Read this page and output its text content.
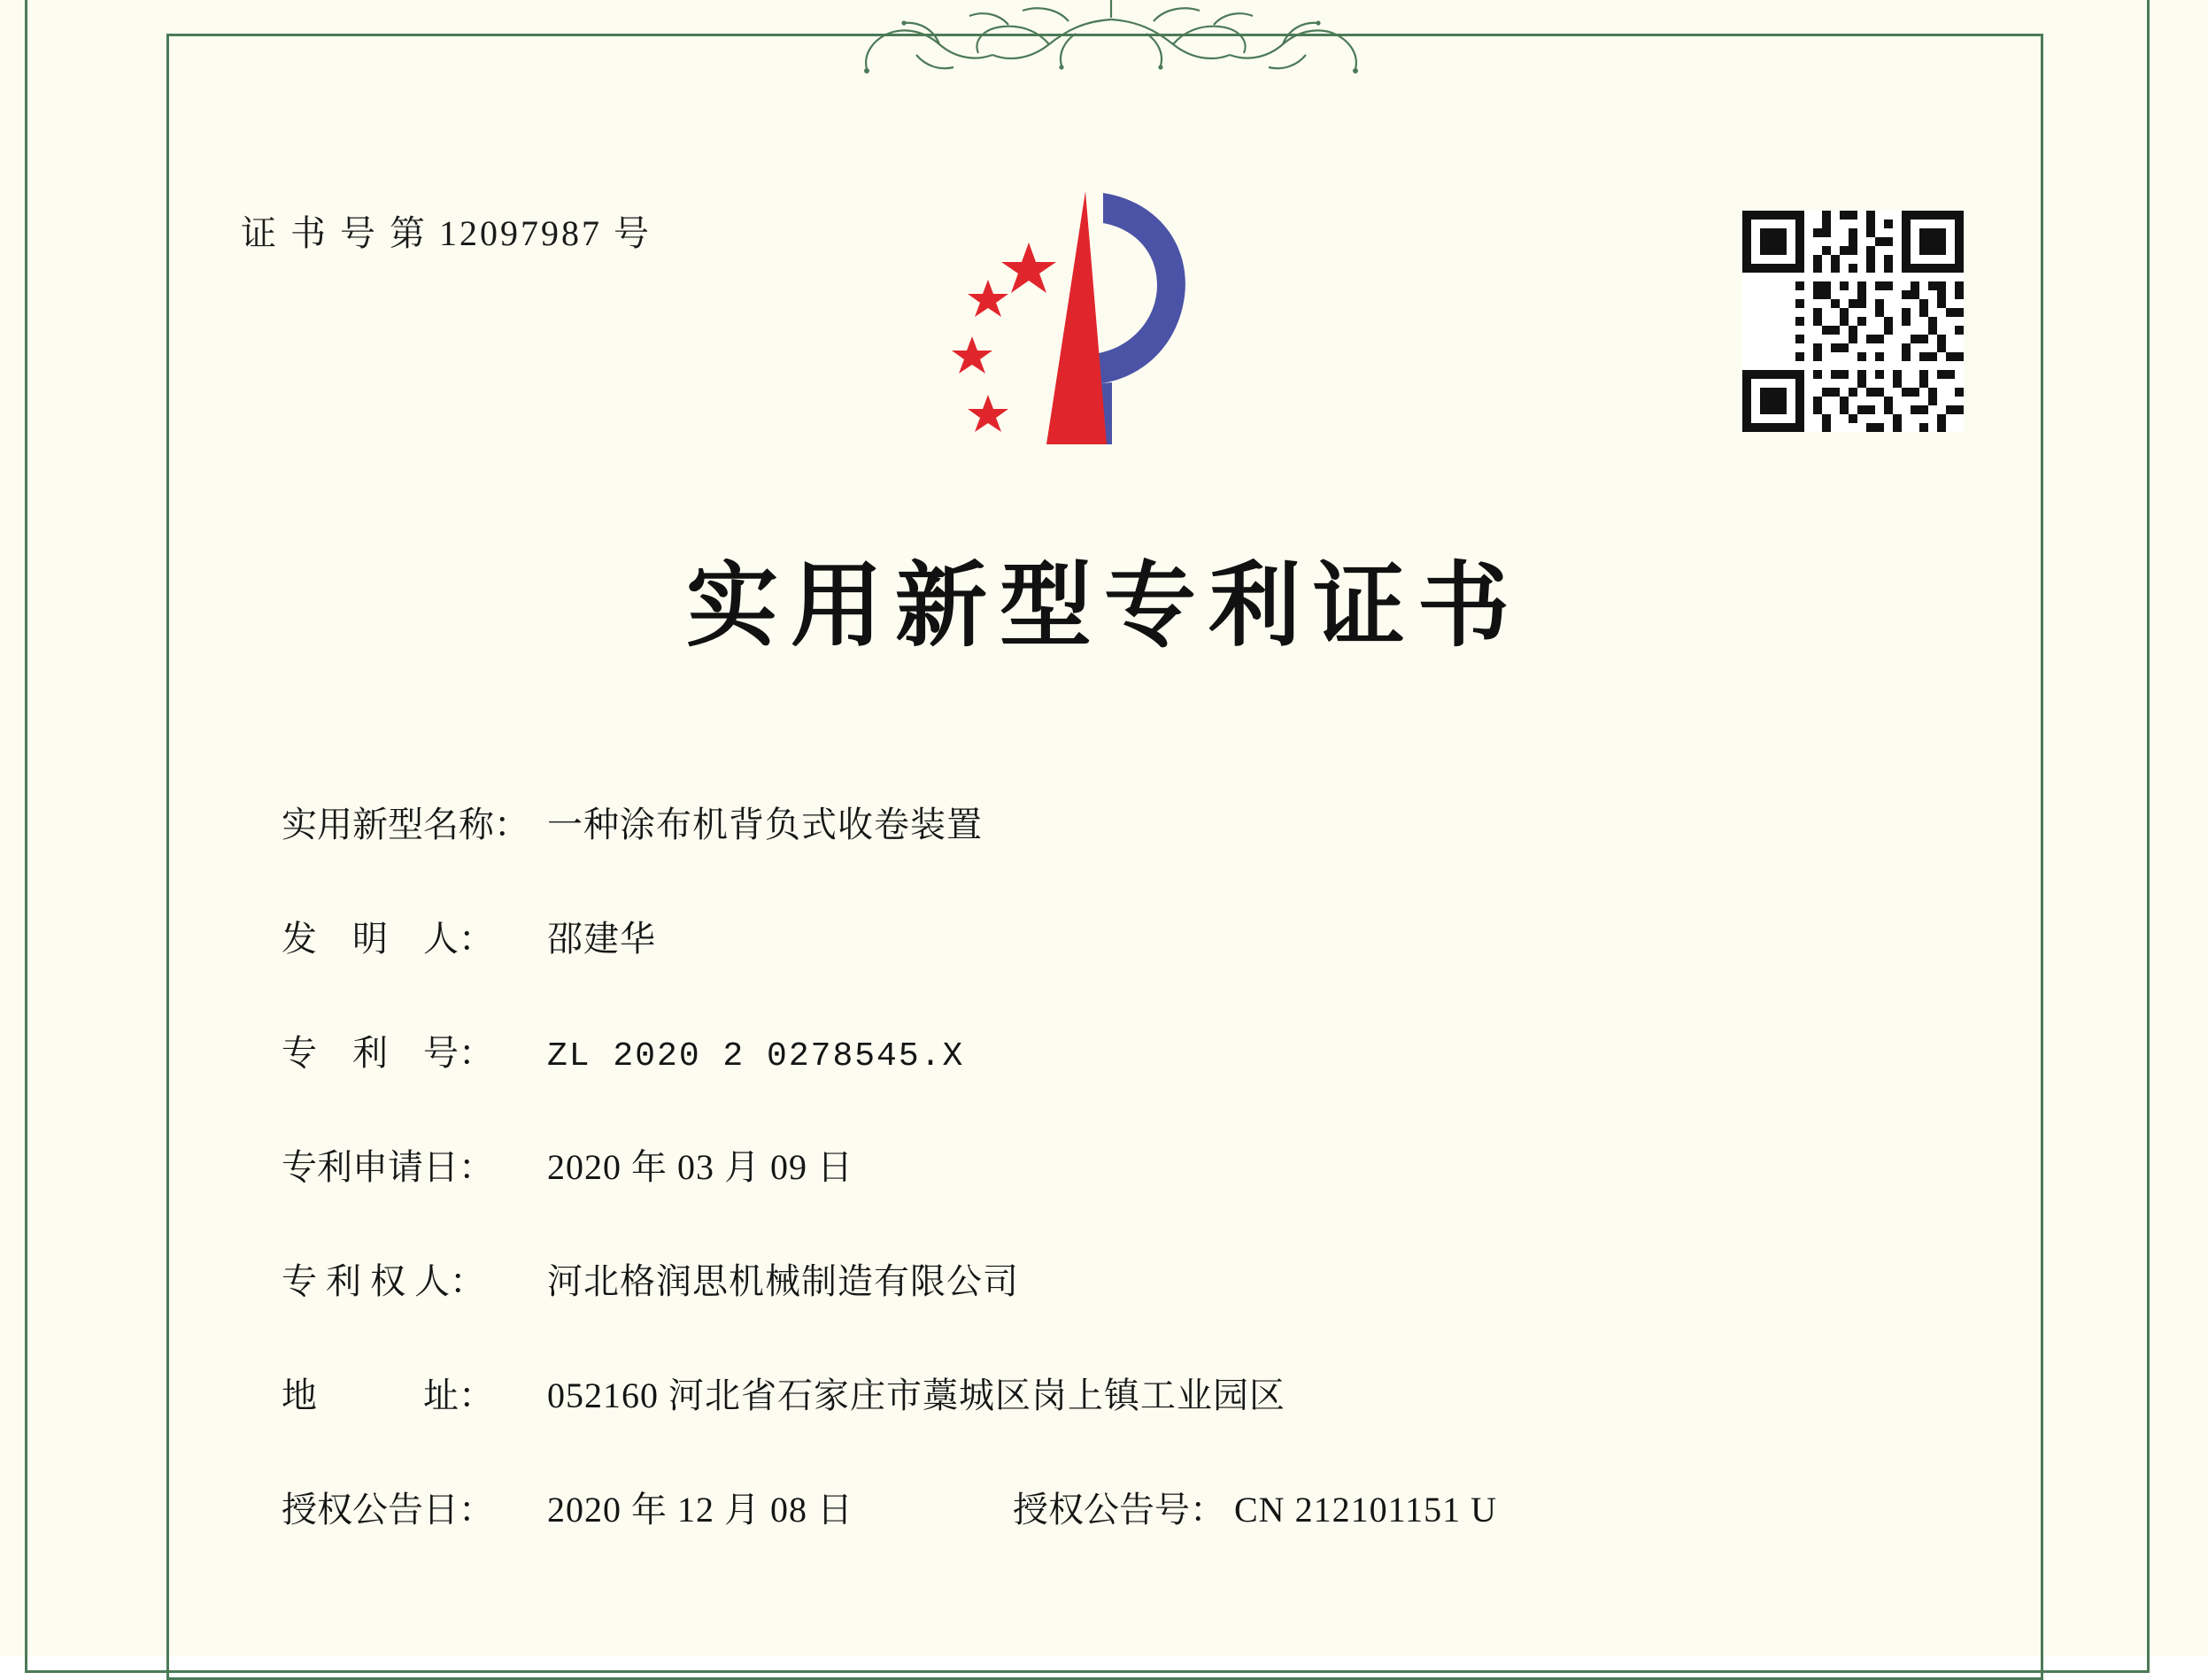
证 书 号 第 12097987 号
实用新型专利证书
实用新型名称： 一种涂布机背负式收卷装置
发　明　人：	邵建华
专　利　号：	ZL 2020 2 0278545.X
专利申请日：	2020 年 03 月 09 日
专 利 权 人：	河北格润思机械制造有限公司
地　　　址：	052160 河北省石家庄市藁城区岗上镇工业园区
授权公告日：	2020 年 12 月 08 日	授权公告号： CN 212101151 U
